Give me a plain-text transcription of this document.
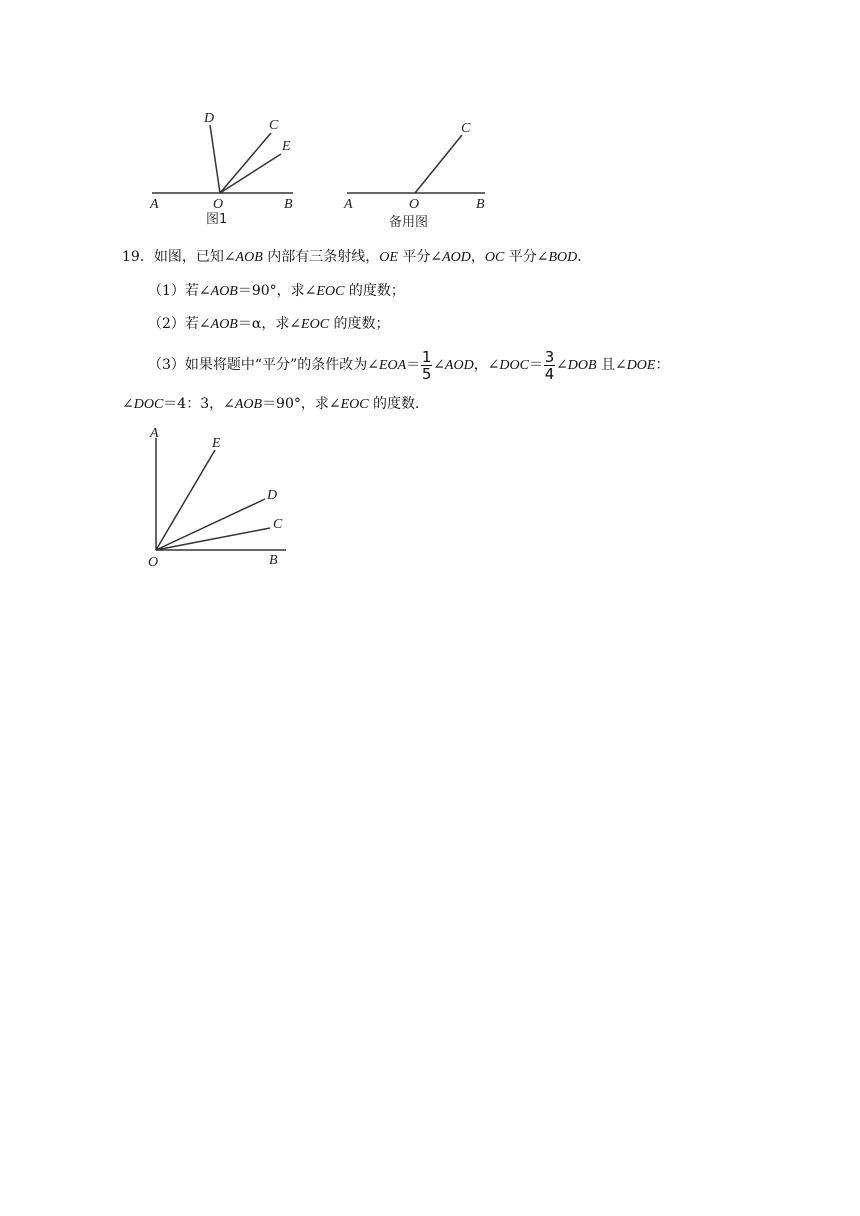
D	C
E
A	O	B
图1
C
A	O	B
备用图
19．如图，已知∠AOB 内部有三条射线，OE 平分∠AOD，OC 平分∠BOD．
（1）若∠AOB＝90°，求∠EOC 的度数；
（2）若∠AOB＝α，求∠EOC 的度数；
（3）如果将题中“平分”的条件改为∠EOA＝ $\frac{1}{5}$ ∠AOD，∠DOC＝ $\frac{3}{4}$ ∠DOB 且∠DOE：
∠DOC＝4：3，∠AOB＝90°，求∠EOC 的度数．
A
E
D
C
O	B
